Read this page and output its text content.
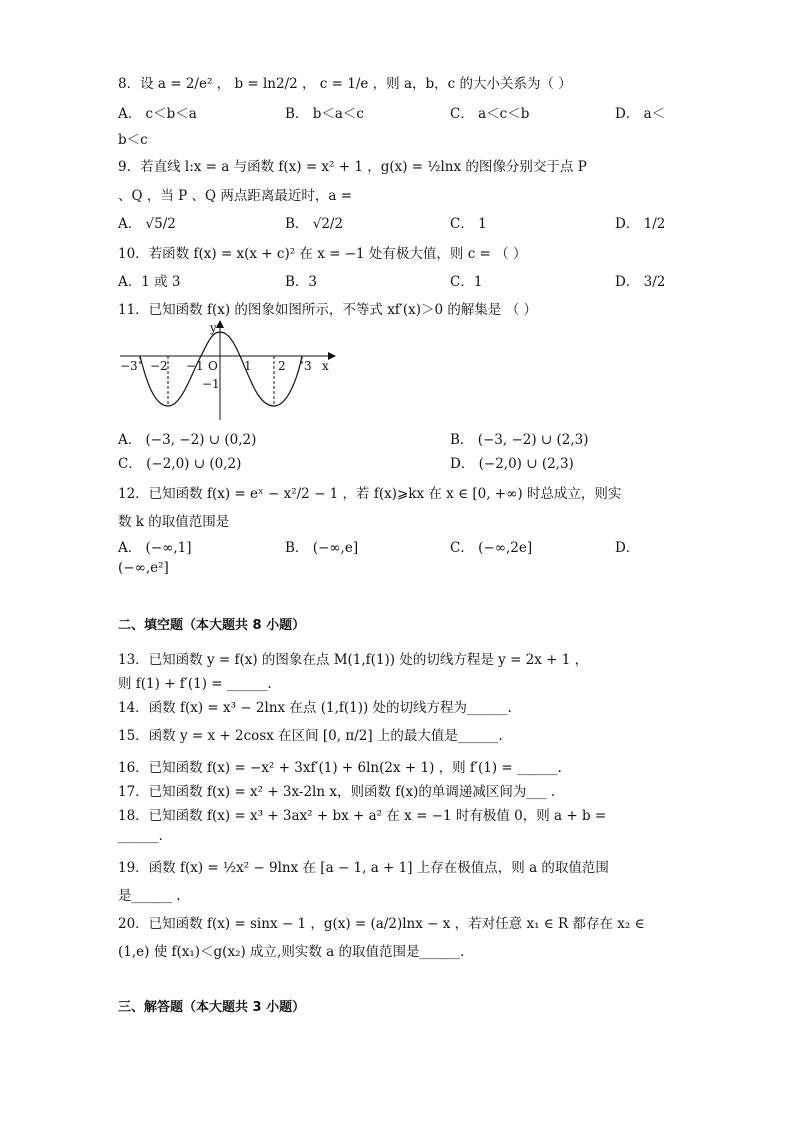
8．设 a = 2/e² ， b = ln2/2 ， c = 1/e ，则 a，b，c 的大小关系为（ ）
A． c＜b＜a	B． b＜a＜c	C． a＜c＜b	D． a＜
b＜c
9．若直线 l:x = a 与函数 f(x) = x² + 1 ，g(x) = ½lnx 的图像分别交于点 P
、Q ，当 P 、Q 两点距离最近时，a =
A． √5/2	B． √2/2	C． 1	D． 1/2
10．若函数 f(x) = x(x + c)² 在 x = −1 处有极大值，则 c = （ ）
A．1 或 3	B．3	C．1	D． 3/2
11．已知函数 f(x) 的图象如图所示，不等式 xf′(x)＞0 的解集是 （ ）
y
x
O
−3 −2 −1	1 2 3
−1
A． (−3, −2) ∪ (0,2)	B． (−3, −2) ∪ (2,3)
C． (−2,0) ∪ (0,2)	D． (−2,0) ∪ (2,3)
12．已知函数 f(x) = eˣ − x²/2 − 1 ，若 f(x)⩾kx 在 x ∈ [0, +∞) 时总成立，则实
数 k 的取值范围是
A． (−∞,1]	B． (−∞,e]	C． (−∞,2e]	D．
(−∞,e²]
二、填空题（本大题共 8 小题）
13．已知函数 y = f(x) 的图象在点 M(1,f(1)) 处的切线方程是 y = 2x + 1 ，
则 f(1) + f′(1) = ______.
14．函数 f(x) = x³ − 2lnx 在点 (1,f(1)) 处的切线方程为______.
15．函数 y = x + 2cosx 在区间 [0, π/2] 上的最大值是______.
16．已知函数 f(x) = −x² + 3xf′(1) + 6ln(2x + 1) ，则 f′(1) = ______.
17．已知函数 f(x) = x² + 3x-2ln x，则函数 f(x)的单调递减区间为___ .
18．已知函数 f(x) = x³ + 3ax² + bx + a² 在 x = −1 时有极值 0，则 a + b =
______.
19．函数 f(x) = ½x² − 9lnx 在 [a − 1, a + 1] 上存在极值点，则 a 的取值范围
是______ .
20．已知函数 f(x) = sinx − 1 ，g(x) = (a/2)lnx − x ，若对任意 x₁ ∈ R 都存在 x₂ ∈
(1,e) 使 f(x₁)＜g(x₂) 成立,则实数 a 的取值范围是______.
三、解答题（本大题共 3 小题）
